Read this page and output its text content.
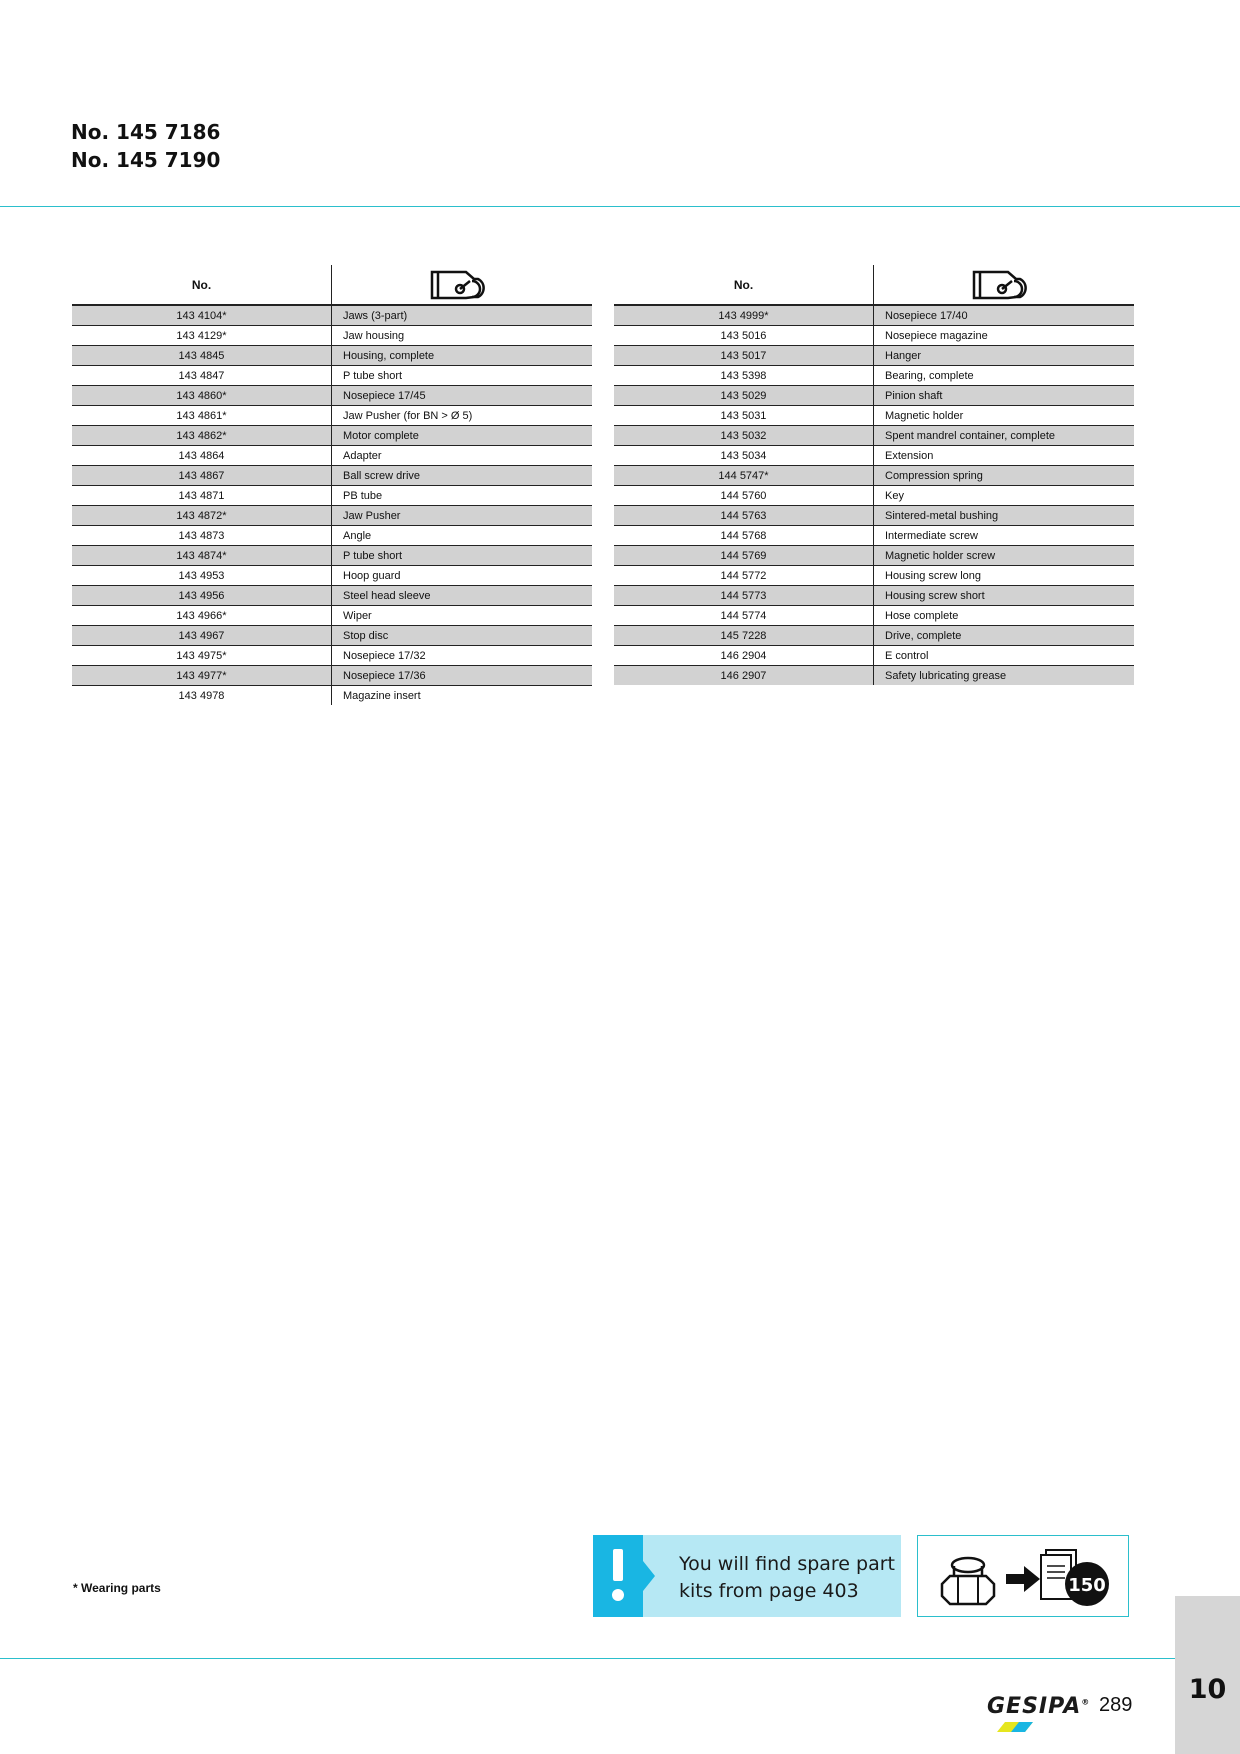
No. 145 7186
No. 145 7190
No.	
143 4104*	Jaws (3-part)
143 4129*	Jaw housing
143 4845	Housing, complete
143 4847	P tube short
143 4860*	Nosepiece 17/45
143 4861*	Jaw Pusher (for BN > Ø 5)
143 4862*	Motor complete
143 4864	Adapter
143 4867	Ball screw drive
143 4871	PB tube
143 4872*	Jaw Pusher
143 4873	Angle
143 4874*	P tube short
143 4953	Hoop guard
143 4956	Steel head sleeve
143 4966*	Wiper
143 4967	Stop disc
143 4975*	Nosepiece 17/32
143 4977*	Nosepiece 17/36
143 4978	Magazine insert
No.	
143 4999*	Nosepiece 17/40
143 5016	Nosepiece magazine
143 5017	Hanger
143 5398	Bearing, complete
143 5029	Pinion shaft
143 5031	Magnetic holder
143 5032	Spent mandrel container, complete
143 5034	Extension
144 5747*	Compression spring
144 5760	Key
144 5763	Sintered-metal bushing
144 5768	Intermediate screw
144 5769	Magnetic holder screw
144 5772	Housing screw long
144 5773	Housing screw short
144 5774	Hose complete
145 7228	Drive, complete
146 2904	E control
146 2907	Safety lubricating grease
* Wearing parts
You will find spare part
kits from page 403	150
GESIPA® 289	10
